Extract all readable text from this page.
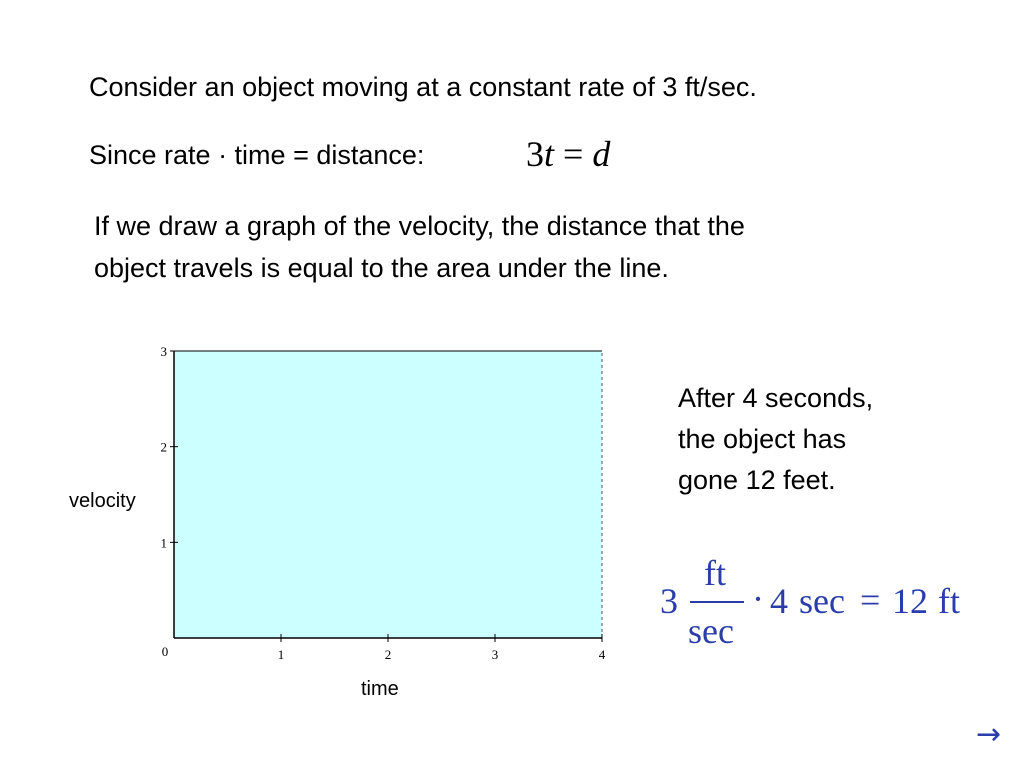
Consider an object moving at a constant rate of 3 ft/sec.

Since rate · time = distance:	3t = d
If we draw a graph of the velocity, the distance that the
object travels is equal to the area under the line.
After 4 seconds,
the object has
gone 12 feet.
0	1	2	3	4
1
2
3
velocity
time
3
ft
sec
· 4 sec = 12 ft
→
